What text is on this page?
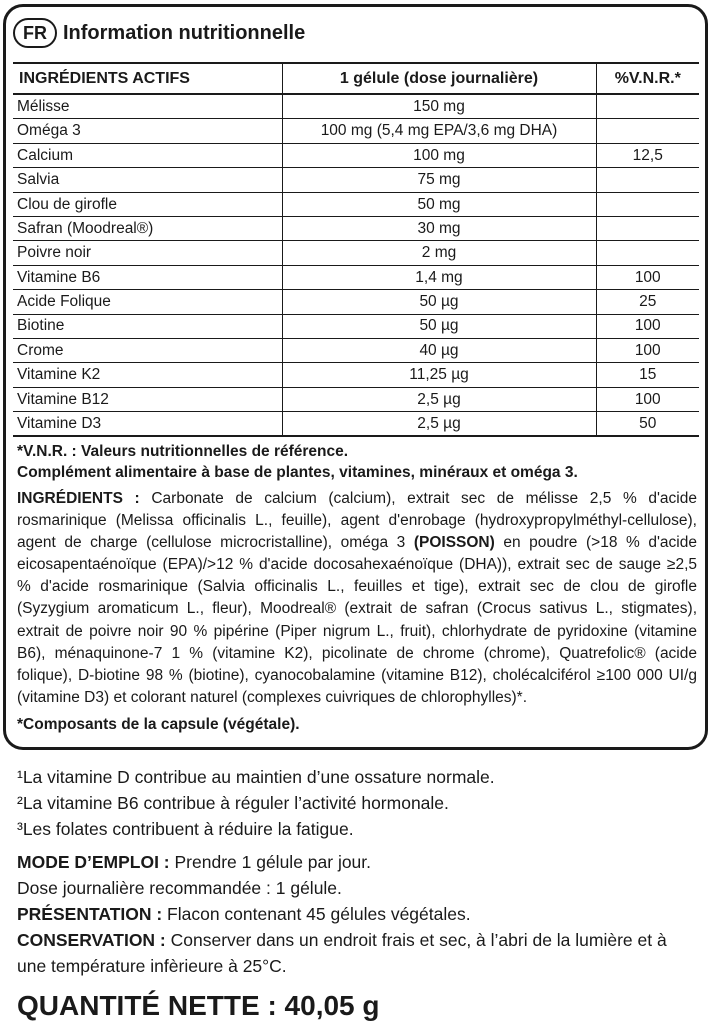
FR Information nutritionnelle
INGRÉDIENTS ACTIFS	1 gélule (dose journalière)	%V.N.R.*
Mélisse	150 mg	
Oméga 3	100 mg (5,4 mg EPA/3,6 mg DHA)	
Calcium	100 mg	12,5
Salvia	75 mg	
Clou de girofle	50 mg	
Safran (Moodreal®)	30 mg	
Poivre noir	2 mg	
Vitamine B6	1,4 mg	100
Acide Folique	50 µg	25
Biotine	50 µg	100
Crome	40 µg	100
Vitamine K2	11,25 µg	15
Vitamine B12	2,5 µg	100
Vitamine D3	2,5 µg	50

*V.N.R. : Valeurs nutritionnelles de référence.

Complément alimentaire à base de plantes, vitamines, minéraux et oméga 3.

INGRÉDIENTS : Carbonate de calcium (calcium), extrait sec de mélisse 2,5 % d'acide rosmarinique (Melissa officinalis L., feuille), agent d'enrobage (hydroxypropylméthyl-cellulose), agent de charge (cellulose microcristalline), oméga 3 (POISSON) en poudre (>18 % d'acide eicosapentaénoïque (EPA)/>12 % d'acide docosahexaénoïque (DHA)), extrait sec de sauge ≥2,5 % d'acide rosmarinique (Salvia officinalis L., feuilles et tige), extrait sec de clou de girofle (Syzygium aromaticum L., fleur), Moodreal® (extrait de safran (Crocus sativus L., stigmates), extrait de poivre noir 90 % pipérine (Piper nigrum L., fruit), chlorhydrate de pyridoxine (vitamine B6), ménaquinone-7 1 % (vitamine K2), picolinate de chrome (chrome), Quatrefolic® (acide folique), D-biotine 98 % (biotine), cyanocobalamine (vitamine B12), cholécalciférol ≥100 000 UI/g (vitamine D3) et colorant naturel (complexes cuivriques de chlorophylles)*.

*Composants de la capsule (végétale).

¹La vitamine D contribue au maintien d’une ossature normale.

²La vitamine B6 contribue à réguler l’activité hormonale.

³Les folates contribuent à réduire la fatigue.

MODE D’EMPLOI : Prendre 1 gélule par jour.

Dose journalière recommandée : 1 gélule.

PRÉSENTATION : Flacon contenant 45 gélules végétales.

CONSERVATION : Conserver dans un endroit frais et sec, à l’abri de la lumière et à une température infèrieure à 25°C.

QUANTITÉ NETTE : 40,05 g
